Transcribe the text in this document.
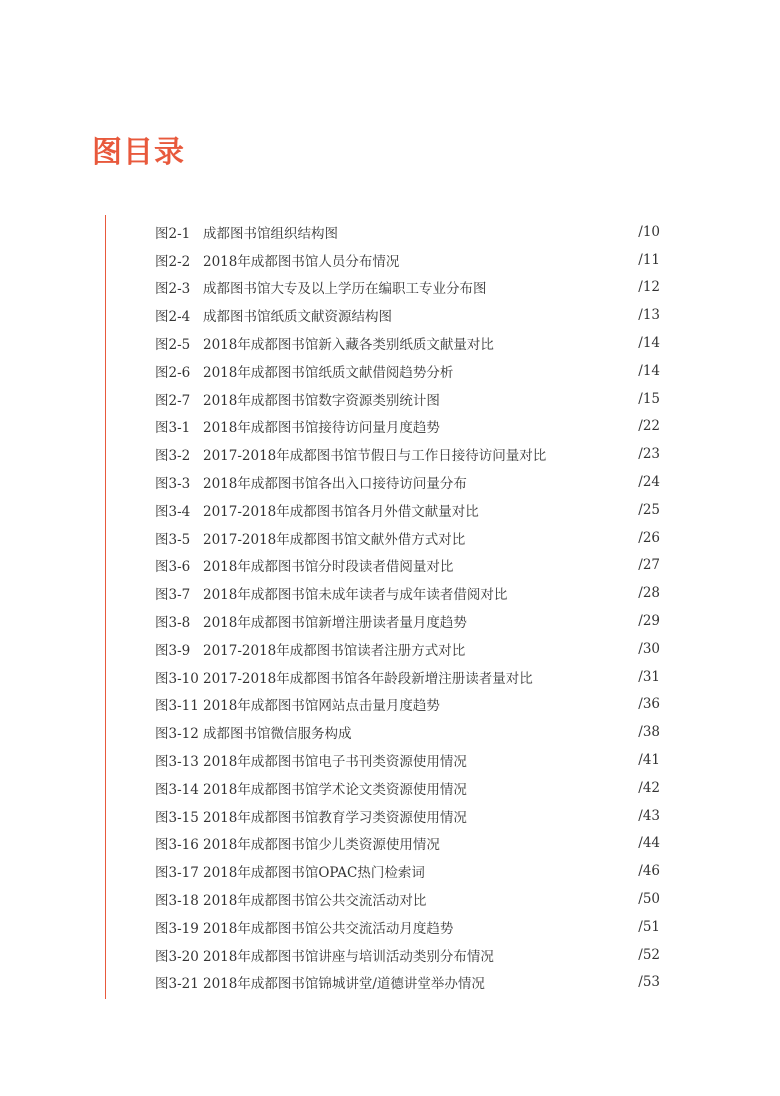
图目录
图2-1 成都图书馆组织结构图	/10
图2-2 2018年成都图书馆人员分布情况	/11
图2-3 成都图书馆大专及以上学历在编职工专业分布图	/12
图2-4 成都图书馆纸质文献资源结构图	/13
图2-5 2018年成都图书馆新入藏各类别纸质文献量对比	/14
图2-6 2018年成都图书馆纸质文献借阅趋势分析	/14
图2-7 2018年成都图书馆数字资源类别统计图	/15
图3-1 2018年成都图书馆接待访问量月度趋势	/22
图3-2 2017-2018年成都图书馆节假日与工作日接待访问量对比	/23
图3-3 2018年成都图书馆各出入口接待访问量分布	/24
图3-4 2017-2018年成都图书馆各月外借文献量对比	/25
图3-5 2017-2018年成都图书馆文献外借方式对比	/26
图3-6 2018年成都图书馆分时段读者借阅量对比	/27
图3-7 2018年成都图书馆未成年读者与成年读者借阅对比	/28
图3-8 2018年成都图书馆新增注册读者量月度趋势	/29
图3-9 2017-2018年成都图书馆读者注册方式对比	/30
图3-10 2017-2018年成都图书馆各年龄段新增注册读者量对比	/31
图3-11 2018年成都图书馆网站点击量月度趋势	/36
图3-12 成都图书馆微信服务构成	/38
图3-13 2018年成都图书馆电子书刊类资源使用情况	/41
图3-14 2018年成都图书馆学术论文类资源使用情况	/42
图3-15 2018年成都图书馆教育学习类资源使用情况	/43
图3-16 2018年成都图书馆少儿类资源使用情况	/44
图3-17 2018年成都图书馆OPAC热门检索词	/46
图3-18 2018年成都图书馆公共交流活动对比	/50
图3-19 2018年成都图书馆公共交流活动月度趋势	/51
图3-20 2018年成都图书馆讲座与培训活动类别分布情况	/52
图3-21 2018年成都图书馆锦城讲堂/道德讲堂举办情况	/53
